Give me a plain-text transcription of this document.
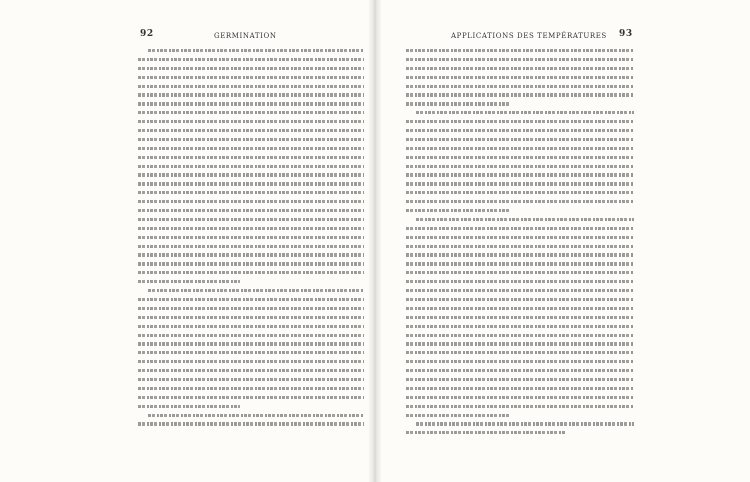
92	GERMINATION	APPLICATIONS DES TEMPÉRATURES 93
